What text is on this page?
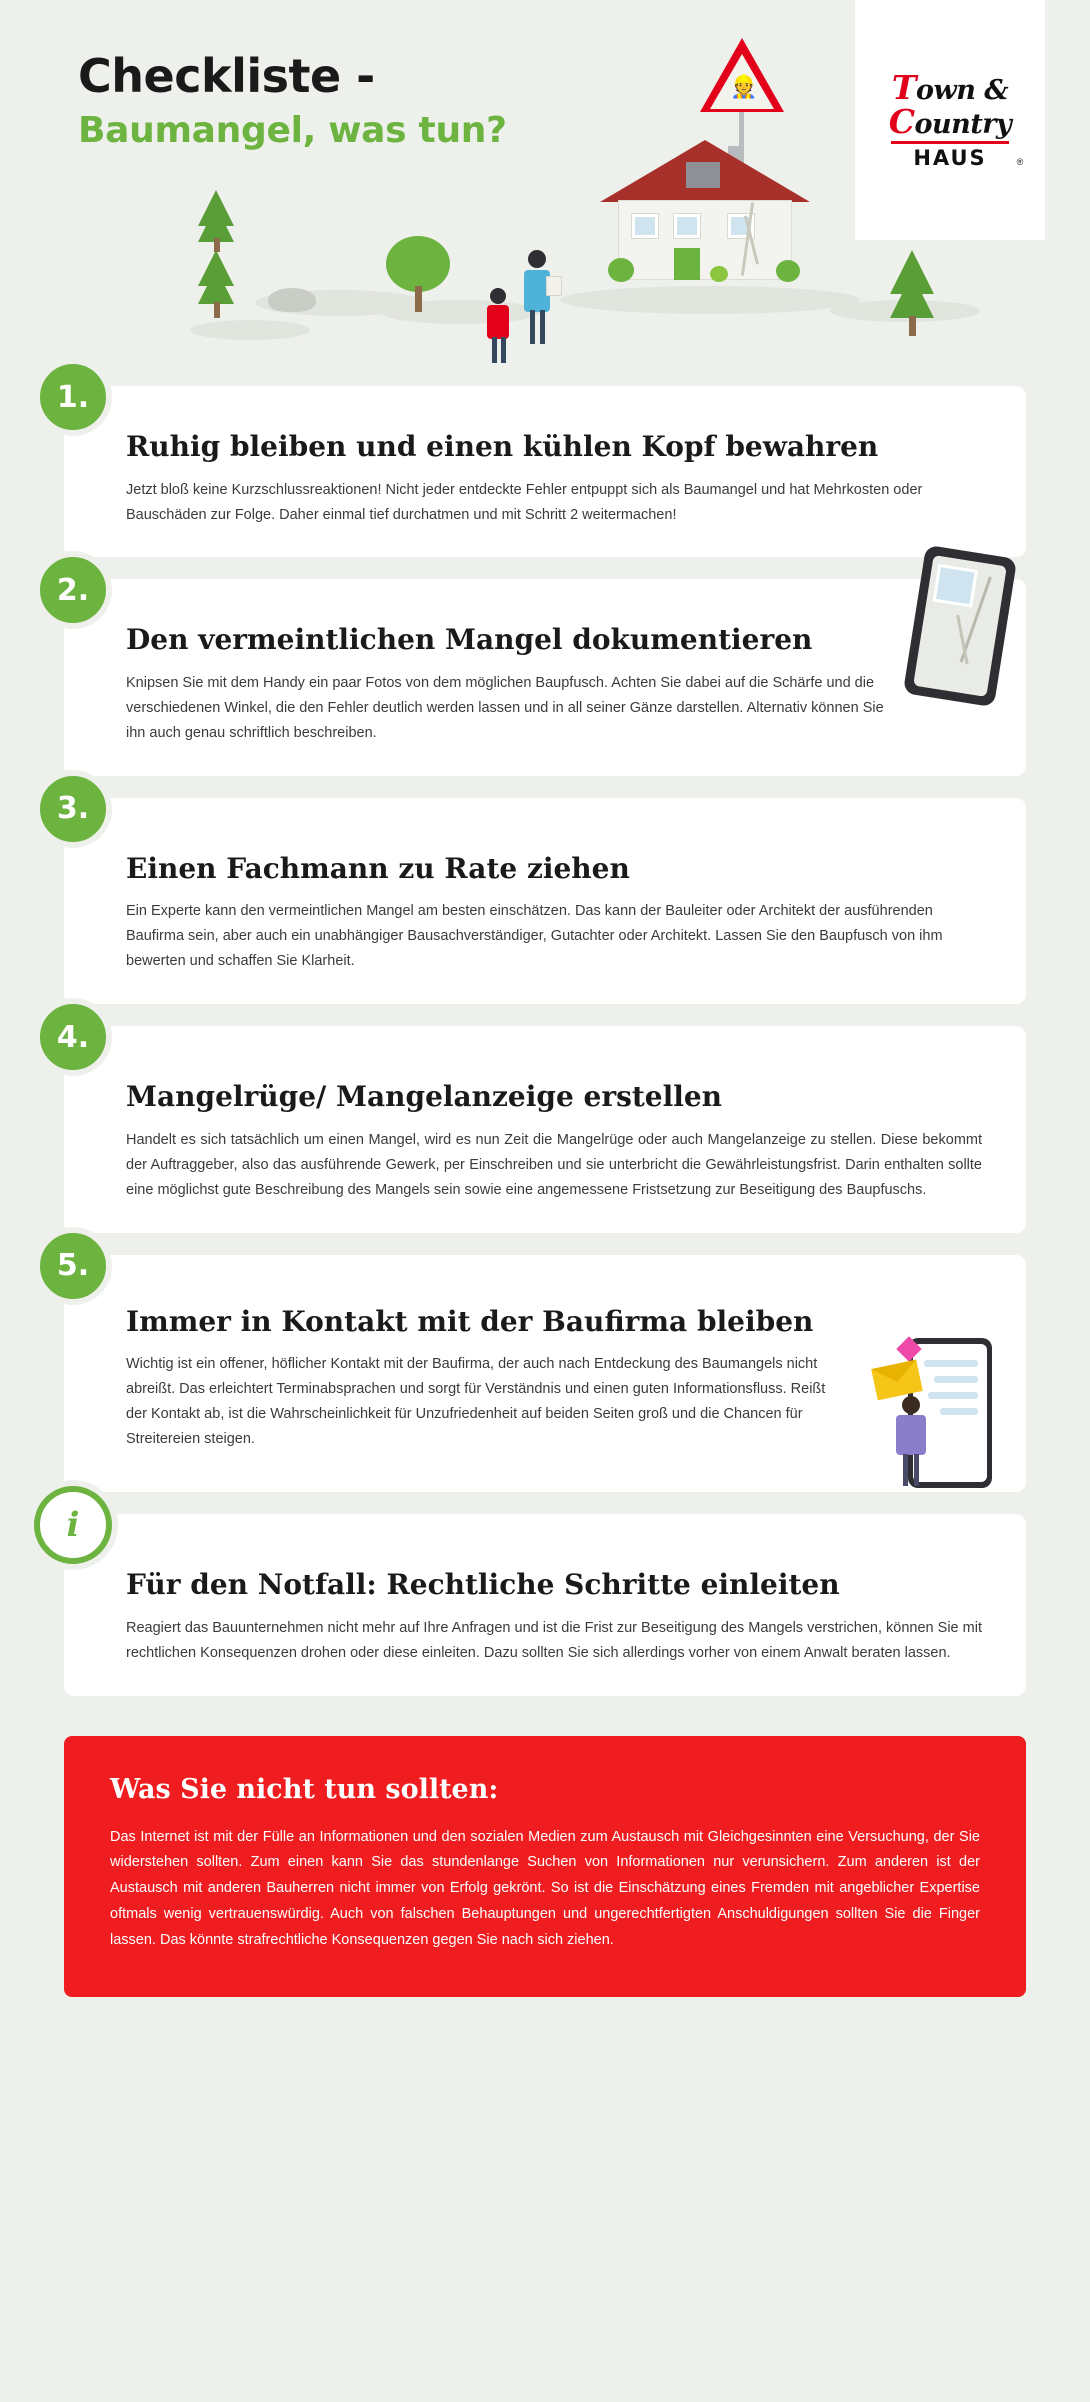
Checkliste -
Baumangel, was tun?
Town &
Country
HAUS	®
👷
1.
Ruhig bleiben und einen kühlen Kopf bewahren

Jetzt bloß keine Kurzschlussreaktionen! Nicht jeder entdeckte Fehler entpuppt sich als Baumangel und hat Mehrkosten oder Bauschäden zur Folge. Daher einmal tief durchatmen und mit Schritt 2 weitermachen!

2.
Den vermeintlichen Mangel dokumentieren

Knipsen Sie mit dem Handy ein paar Fotos von dem möglichen Baupfusch. Achten Sie dabei auf die Schärfe und die verschiedenen Winkel, die den Fehler deutlich werden lassen und in all seiner Gänze darstellen. Alternativ können Sie ihn auch genau schriftlich beschreiben.

3.
Einen Fachmann zu Rate ziehen

Ein Experte kann den vermeintlichen Mangel am besten einschätzen. Das kann der Bauleiter oder Architekt der ausführenden Baufirma sein, aber auch ein unabhängiger Bausachverständiger, Gutachter oder Architekt. Lassen Sie den Baupfusch von ihm bewerten und schaffen Sie Klarheit.

4.
Mangelrüge/ Mangelanzeige erstellen

Handelt es sich tatsächlich um einen Mangel, wird es nun Zeit die Mangelrüge oder auch Mangelanzeige zu stellen. Diese bekommt der Auftraggeber, also das ausführende Gewerk, per Einschreiben und sie unterbricht die Gewährleistungsfrist. Darin enthalten sollte eine möglichst gute Beschreibung des Mangels sein sowie eine angemessene Fristsetzung zur Beseitigung des Baupfuschs.

5.
Immer in Kontakt mit der Baufirma bleiben

Wichtig ist ein offener, höflicher Kontakt mit der Baufirma, der auch nach Entdeckung des Baumangels nicht abreißt. Das erleichtert Terminabsprachen und sorgt für Verständnis und einen guten Informationsfluss. Reißt der Kontakt ab, ist die Wahrscheinlichkeit für Unzufriedenheit auf beiden Seiten groß und die Chancen für Streitereien steigen.

i
Für den Notfall: Rechtliche Schritte einleiten

Reagiert das Bauunternehmen nicht mehr auf Ihre Anfragen und ist die Frist zur Beseitigung des Mangels verstrichen, können Sie mit rechtlichen Konsequenzen drohen oder diese einleiten. Dazu sollten Sie sich allerdings vorher von einem Anwalt beraten lassen.

Was Sie nicht tun sollten:

Das Internet ist mit der Fülle an Informationen und den sozialen Medien zum Austausch mit Gleichgesinnten eine Versuchung, der Sie widerstehen sollten. Zum einen kann Sie das stundenlange Suchen von Informationen nur verunsichern. Zum anderen ist der Austausch mit anderen Bauherren nicht immer von Erfolg gekrönt. So ist die Einschätzung eines Fremden mit angeblicher Expertise oftmals wenig vertrauenswürdig. Auch von falschen Behauptungen und ungerechtfertigten Anschuldigungen sollten Sie die Finger lassen. Das könnte strafrechtliche Konsequenzen gegen Sie nach sich ziehen.
